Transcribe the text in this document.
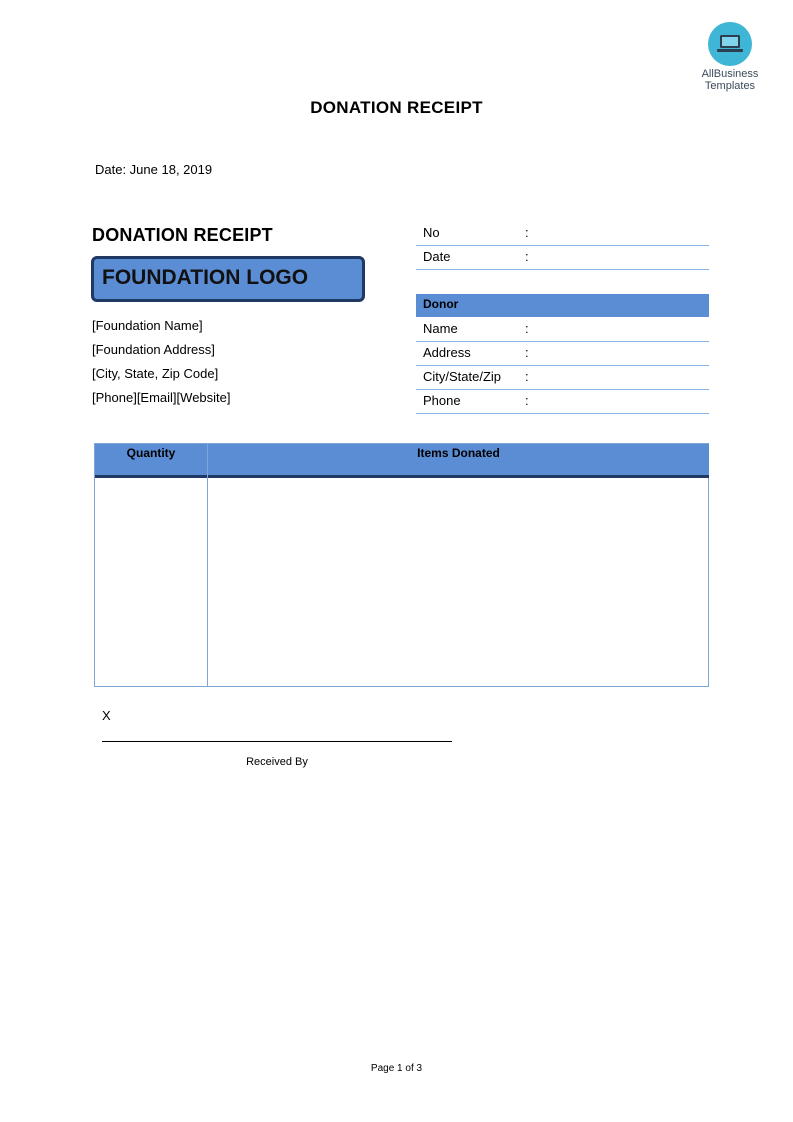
AllBusiness
Templates
DONATION RECEIPT
Date: June 18, 2019
DONATION RECEIPT
FOUNDATION LOGO
[Foundation Name]
[Foundation Address]
[City, State, Zip Code]
[Phone][Email][Website]
No	:
Date	:
Donor
Name	:
Address	:
City/State/Zip :
Phone	:
Quantity	Items Donated
X
Received By
Page 1 of 3
